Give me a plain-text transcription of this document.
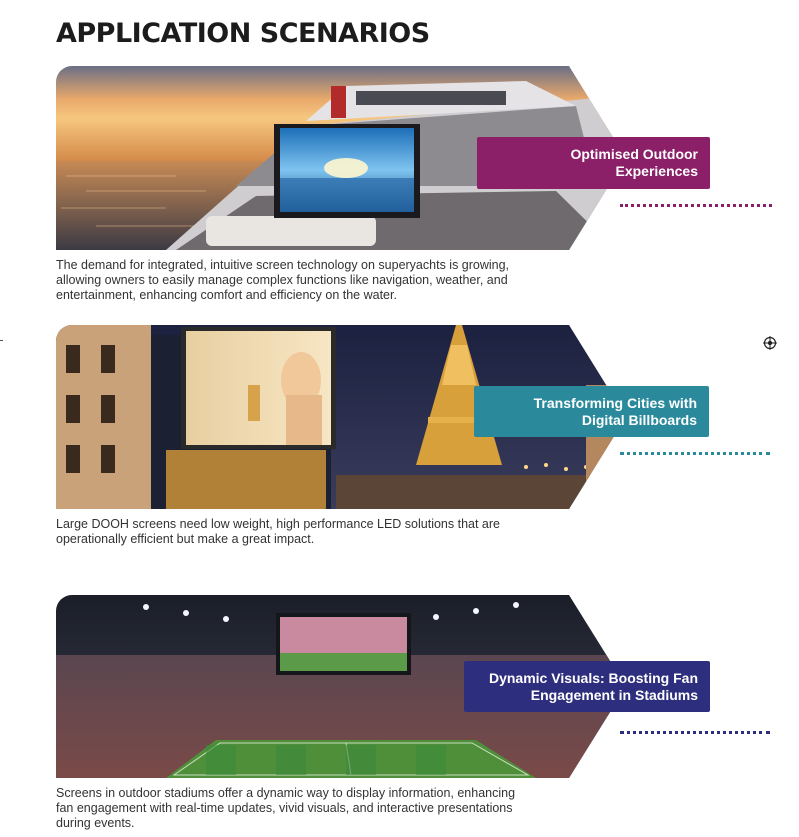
APPLICATION SCENARIOS
Optimised Outdoor
Experiences

The demand for integrated, intuitive screen technology on superyachts is growing,
allowing owners to easily manage complex functions like navigation, weather, and
entertainment, enhancing comfort and efficiency on the water.

Transforming Cities with
Digital Billboards

Large DOOH screens need low weight, high performance LED solutions that are
operationally efficient but make a great impact.

Dynamic Visuals: Boosting Fan
Engagement in Stadiums

Screens in outdoor stadiums offer a dynamic way to display information, enhancing
fan engagement with real-time updates, vivid visuals, and interactive presentations
during events.
